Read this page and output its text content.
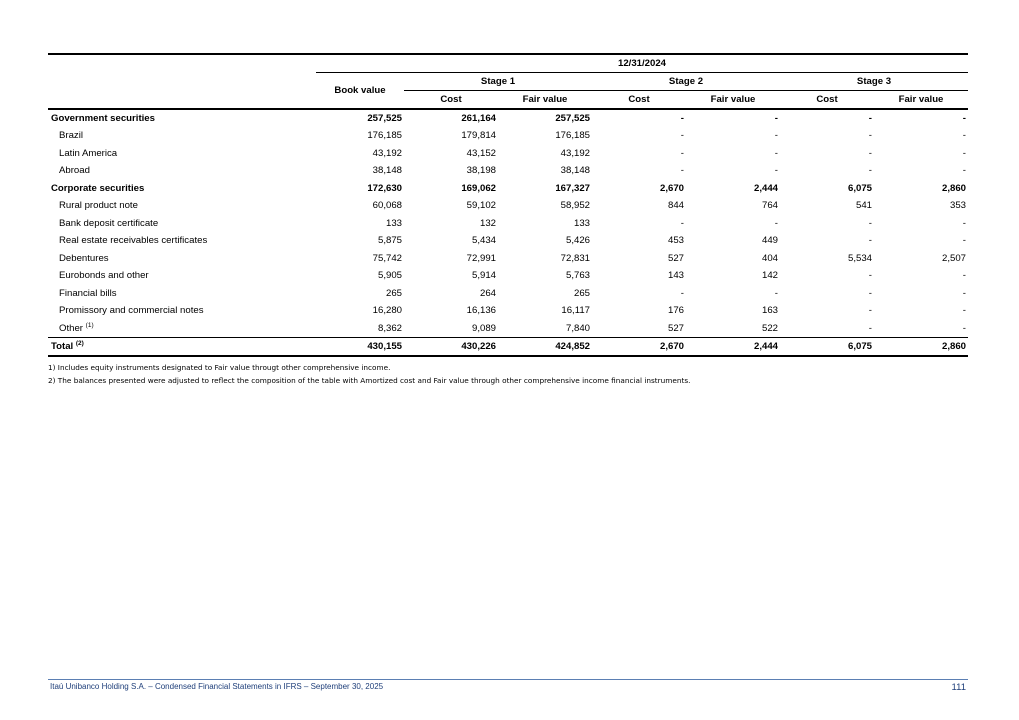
	12/31/2024						
	Book value	Stage 1		Stage 2		Stage 3	
		Cost	Fair value	Cost	Fair value	Cost	Fair value
Government securities	257,525	261,164	257,525	-	-	-	-
Brazil	176,185	179,814	176,185	-	-	-	-
Latin America	43,192	43,152	43,192	-	-	-	-
Abroad	38,148	38,198	38,148	-	-	-	-
Corporate securities	172,630	169,062	167,327	2,670	2,444	6,075	2,860
Rural product note	60,068	59,102	58,952	844	764	541	353
Bank deposit certificate	133	132	133	-	-	-	-
Real estate receivables certificates	5,875	5,434	5,426	453	449	-	-
Debentures	75,742	72,991	72,831	527	404	5,534	2,507
Eurobonds and other	5,905	5,914	5,763	143	142	-	-
Financial bills	265	264	265	-	-	-	-
Promissory and commercial notes	16,280	16,136	16,117	176	163	-	-
Other $^{(1)}$	8,362	9,089	7,840	527	522	-	-
Total $^{(2)}$	430,155	430,226	424,852	2,670	2,444	6,075	2,860
1) Includes equity instruments designated to Fair value througt other comprehensive income.
2) The balances presented were adjusted to reflect the composition of the table with Amortized cost and Fair value through other comprehensive income financial instruments.
Itaú Unibanco Holding S.A. – Condensed Financial Statements in IFRS – September 30, 2025	111
